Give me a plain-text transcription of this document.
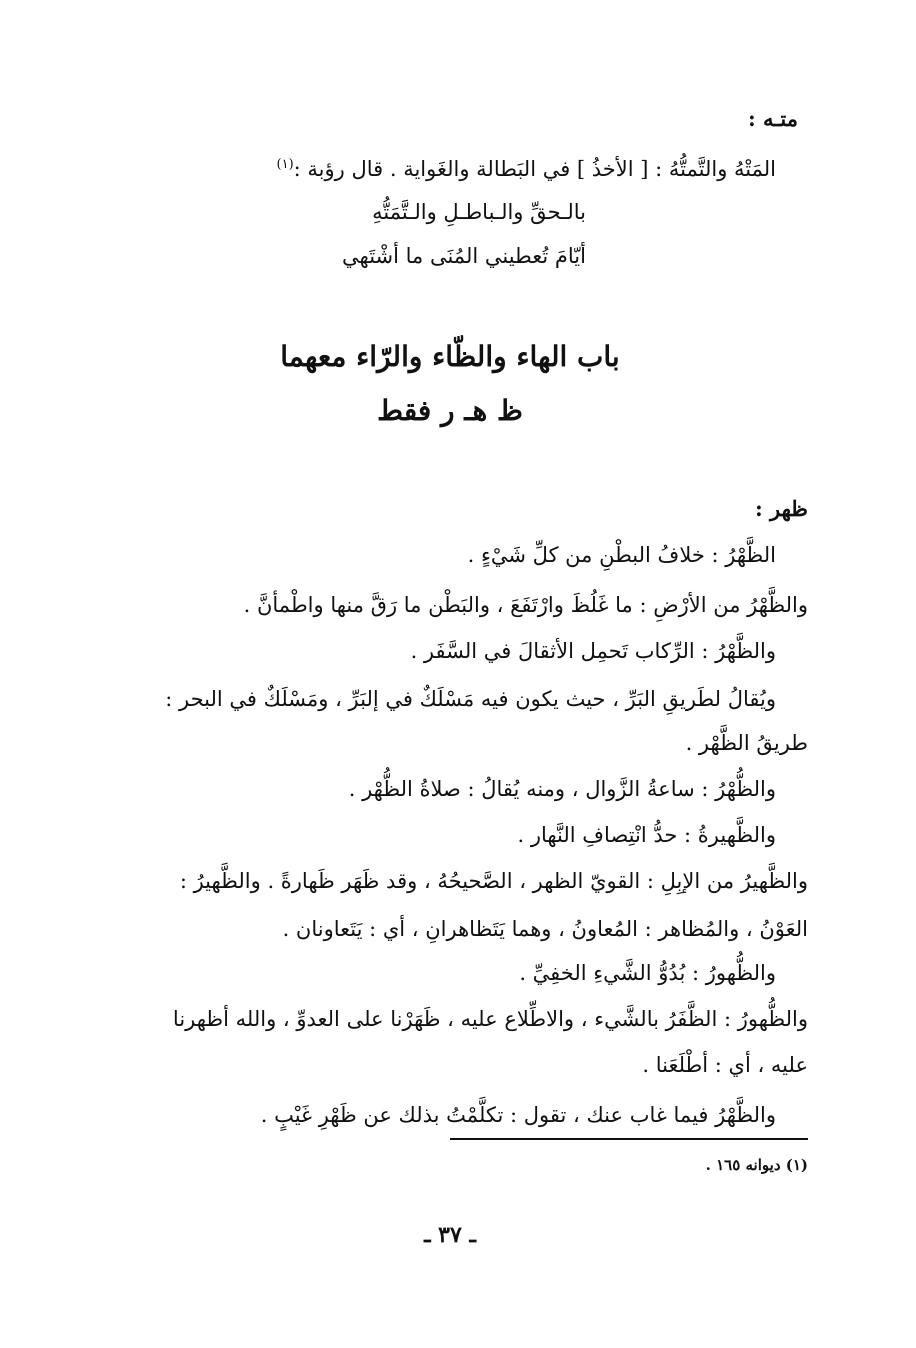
متـه :
المَتْهُ والتَّمتُّهُ : [ الأخذُ ] في البَطالة والغَواية . قال رؤبة :$^{(١)}$
بالـحقِّ والـباطـلِ والـتَّمَتُّهِ
أيّامَ تُعطيني المُنَى ما أشْتَهي
باب الهاء والظّاء والرّاء معهما
ظ هـ ر فقط
ظهر :
الظَّهْرُ : خلافُ البطْنِ من كلِّ شَيْءٍ .
والظَّهْرُ من الأرْضِ : ما غَلُظَ وارْتَفَعَ ، والبَطْن ما رَقَّ منها واطْمأنَّ .
والظَّهْرُ : الرِّكاب تَحمِل الأثقالَ في السَّفَر .
ويُقالُ لطَريقِ البَرِّ ، حيث يكون فيه مَسْلَكٌ في إلبَرِّ ، ومَسْلَكٌ في البحر :
طريقُ الظَّهْر .
والظُّهْرُ : ساعةُ الزَّوال ، ومنه يُقالُ : صلاةُ الظُّهْر .
والظَّهيرةُ : حدُّ انْتِصافِ النَّهار .
والظَّهيرُ من الإبِلِ : القويّ الظهر ، الصَّحيحُهُ ، وقد ظَهَر ظَهارةً . والظَّهيرُ :
العَوْنُ ، والمُظاهر : المُعاونُ ، وهما يَتَظاهرانِ ، أي : يَتَعاونان .
والظُّهورُ : بُدُوُّ الشَّيءِ الخفِيِّ .
والظُّهورُ : الظَّفَرُ بالشَّيء ، والاطِّلاع عليه ، ظَهَرْنا على العدوِّ ، والله أظهرنا
عليه ، أي : أطْلَعَنا .
والظَّهْرُ فيما غاب عنك ، تقول : تكلَّمْتُ بذلك عن ظَهْرِ غَيْبٍ .
(١) ديوانه ١٦٥ .
ـ ٣٧ ـ
